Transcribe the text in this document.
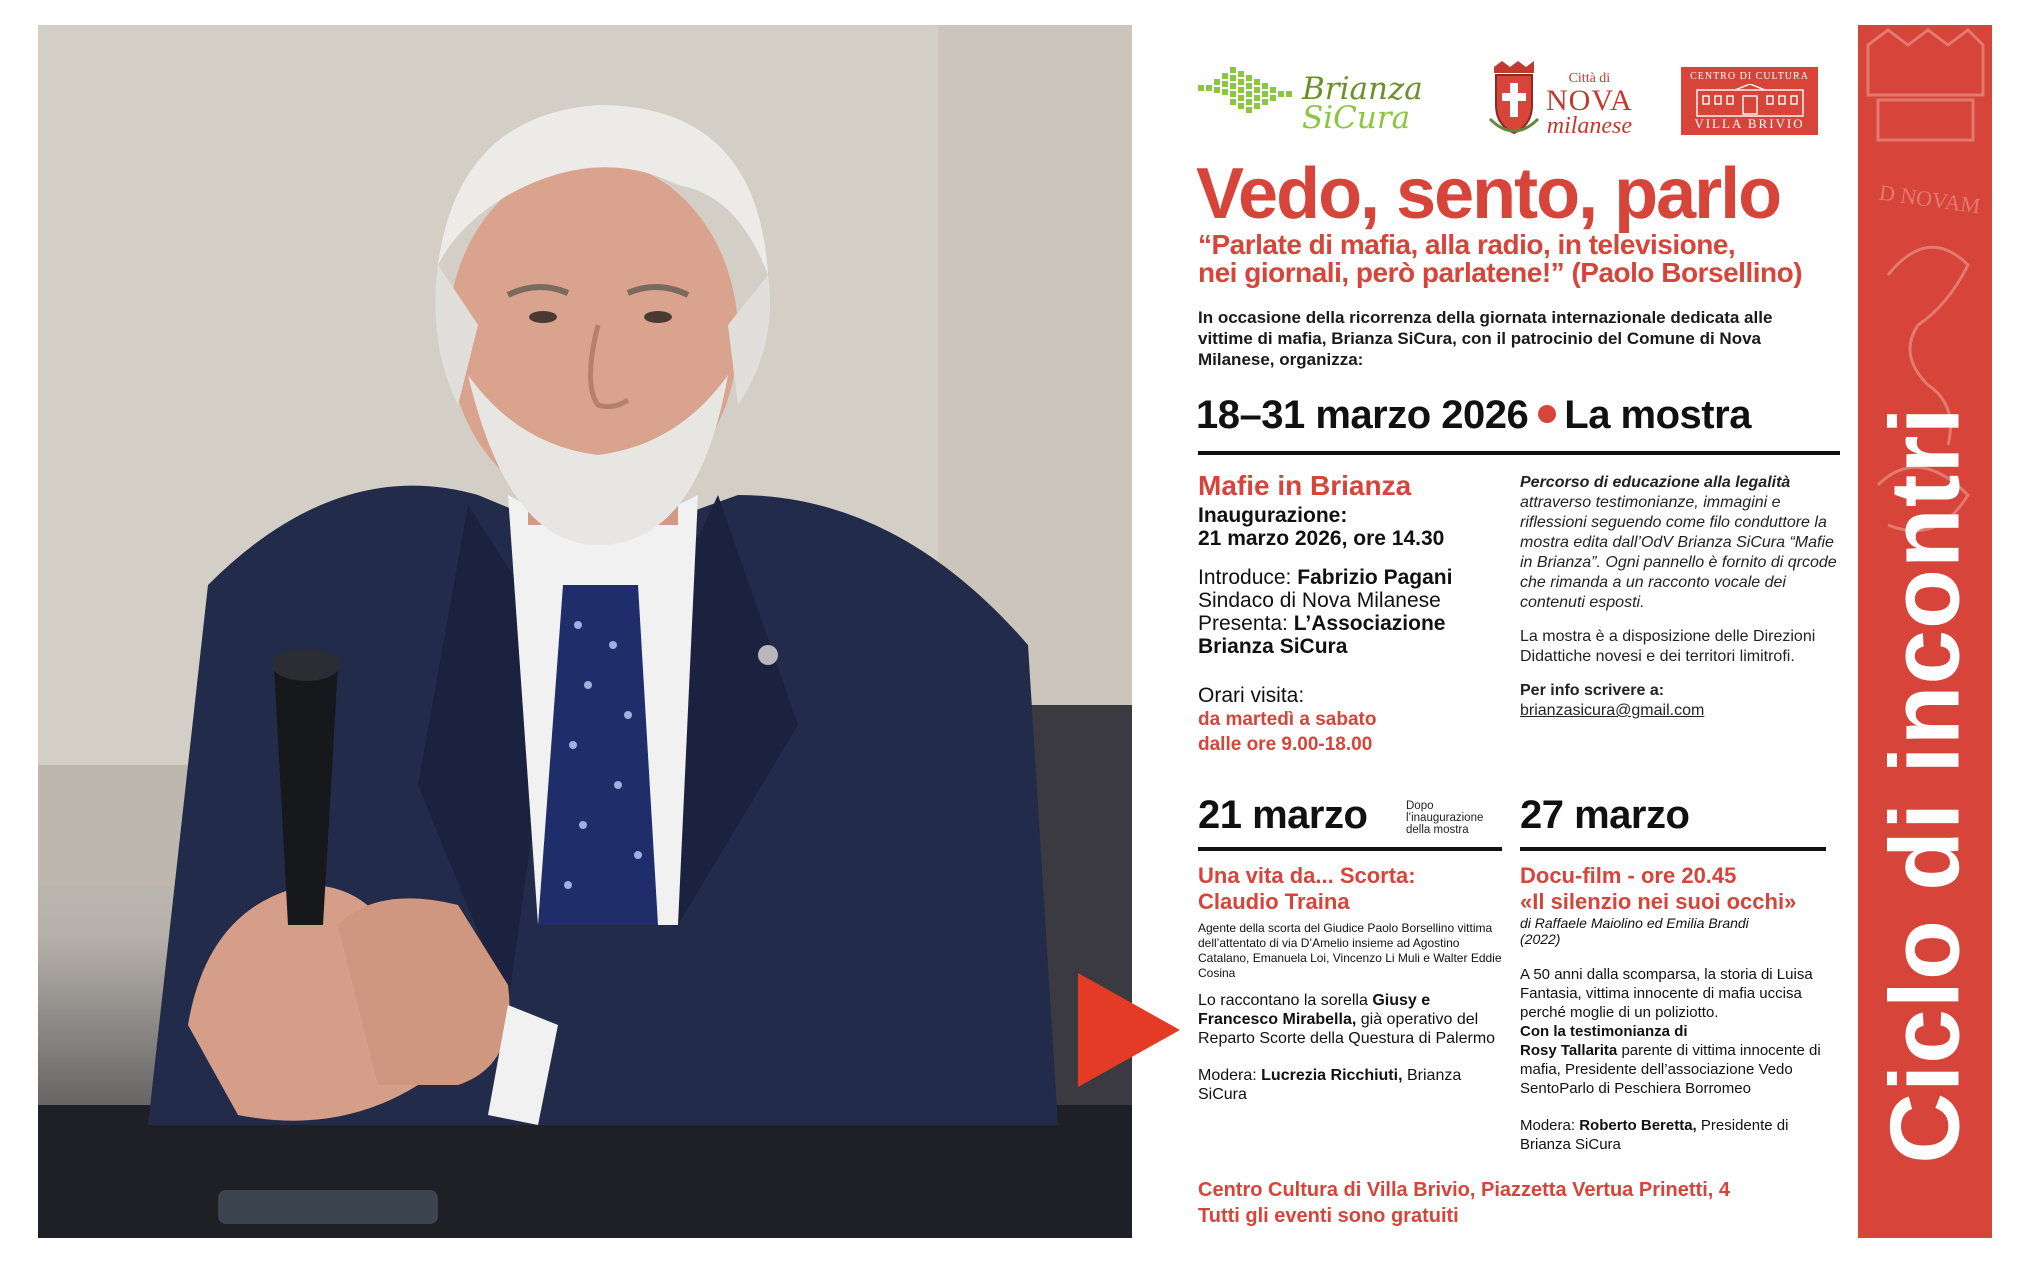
Brianza
SiCura
Città di
NOVA
milanese
CENTRO DI CULTURA
VILLA BRIVIO
Vedo, sento, parlo
“Parlate di mafia, alla radio, in televisione,
nei giornali, però parlatene!” (Paolo Borsellino)
In occasione della ricorrenza della giornata internazionale dedicata alle vittime di mafia, Brianza SiCura, con il patrocinio del Comune di Nova Milanese, organizza:
18–31 marzo 2026 La mostra
Mafie in Brianza
Inaugurazione:
21 marzo 2026, ore 14.30
Introduce: Fabrizio Pagani
Sindaco di Nova Milanese
Presenta: L’Associazione
Brianza SiCura
Orari visita:
da martedì a sabato
dalle ore 9.00-18.00
Percorso di educazione alla legalità
attraverso testimonianze, immagini e riflessioni seguendo come filo conduttore la mostra edita dall’OdV Brianza SiCura “Mafie in Brianza”. Ogni pannello è fornito di qrcode che rimanda a un racconto vocale dei contenuti esposti.
La mostra è a disposizione delle Direzioni Didattiche novesi e dei territori limitrofi.
Per info scrivere a:
brianzasicura@gmail.com
21 marzo	Dopo
l’inaugurazione
della mostra	27 marzo
Una vita da... Scorta:
Claudio Traina
Agente della scorta del Giudice Paolo Borsellino vittima dell’attentato di via D’Amelio insieme ad Agostino Catalano, Emanuela Loi, Vincenzo Li Muli e Walter Eddie Cosina
Lo raccontano la sorella Giusy e Francesco Mirabella, già operativo del Reparto Scorte della Questura di Palermo
Modera: Lucrezia Ricchiuti, Brianza SiCura
Docu-film - ore 20.45
«Il silenzio nei suoi occhi»
di Raffaele Maiolino ed Emilia Brandi
(2022)
A 50 anni dalla scomparsa, la storia di Luisa Fantasia, vittima innocente di mafia uccisa perché moglie di un poliziotto.
Con la testimonianza di
Rosy Tallarita parente di vittima innocente di mafia, Presidente dell’associazione Vedo SentoParlo di Peschiera Borromeo
Modera: Roberto Beretta, Presidente di Brianza SiCura
Centro Cultura di Villa Brivio, Piazzetta Vertua Prinetti, 4
Tutti gli eventi sono gratuiti
D NOVAM
Ciclo di incontri
